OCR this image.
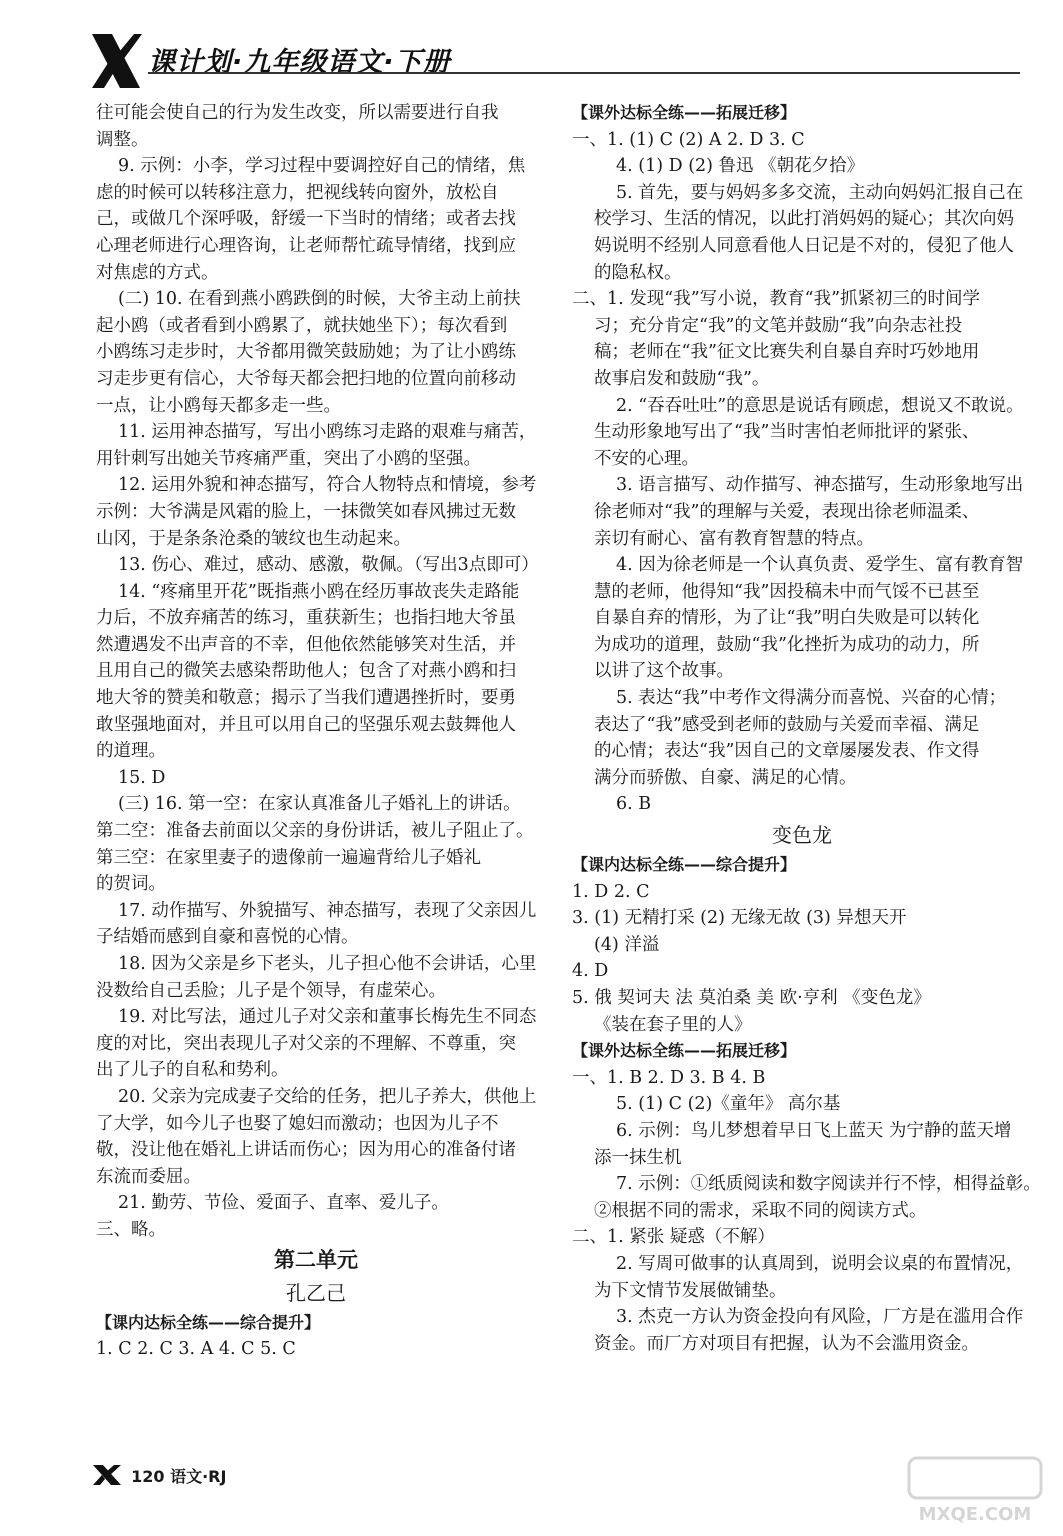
课计划·九年级语文·下册
往可能会使自己的行为发生改变，所以需要进行自我
调整。
9. 示例：小李，学习过程中要调控好自己的情绪，焦
虑的时候可以转移注意力，把视线转向窗外，放松自
己，或做几个深呼吸，舒缓一下当时的情绪；或者去找
心理老师进行心理咨询，让老师帮忙疏导情绪，找到应
对焦虑的方式。
(二) 10. 在看到燕小鸥跌倒的时候，大爷主动上前扶
起小鸥（或者看到小鸥累了，就扶她坐下）；每次看到
小鸥练习走步时，大爷都用微笑鼓励她；为了让小鸥练
习走步更有信心，大爷每天都会把扫地的位置向前移动
一点，让小鸥每天都多走一些。
11. 运用神态描写，写出小鸥练习走路的艰难与痛苦，
用针刺写出她关节疼痛严重，突出了小鸥的坚强。
12. 运用外貌和神态描写，符合人物特点和情境，参考
示例：大爷满是风霜的脸上，一抹微笑如春风拂过无数
山冈，于是条条沧桑的皱纹也生动起来。
13. 伤心、难过，感动、感激，敬佩。（写出3点即可）
14. “疼痛里开花”既指燕小鸥在经历事故丧失走路能
力后，不放弃痛苦的练习，重获新生；也指扫地大爷虽
然遭遇发不出声音的不幸，但他依然能够笑对生活，并
且用自己的微笑去感染帮助他人；包含了对燕小鸥和扫
地大爷的赞美和敬意；揭示了当我们遭遇挫折时，要勇
敢坚强地面对，并且可以用自己的坚强乐观去鼓舞他人
的道理。
15. D
(三) 16. 第一空：在家认真准备儿子婚礼上的讲话。
第二空：准备去前面以父亲的身份讲话，被儿子阻止了。
第三空：在家里妻子的遗像前一遍遍背给儿子婚礼
的贺词。
17. 动作描写、外貌描写、神态描写，表现了父亲因儿
子结婚而感到自豪和喜悦的心情。
18. 因为父亲是乡下老头，儿子担心他不会讲话，心里
没数给自己丢脸；儿子是个领导，有虚荣心。
19. 对比写法，通过儿子对父亲和董事长梅先生不同态
度的对比，突出表现儿子对父亲的不理解、不尊重，突
出了儿子的自私和势利。
20. 父亲为完成妻子交给的任务，把儿子养大，供他上
了大学，如今儿子也娶了媳妇而激动；也因为儿子不
敬，没让他在婚礼上讲话而伤心；因为用心的准备付诸
东流而委屈。
21. 勤劳、节俭、爱面子、直率、爱儿子。
三、略。
第二单元
孔乙己
【课内达标全练——综合提升】
1. C 2. C 3. A 4. C 5. C
【课外达标全练——拓展迁移】
一、1. (1) C (2) A 2. D 3. C
4. (1) D (2) 鲁迅 《朝花夕拾》
5. 首先，要与妈妈多多交流，主动向妈妈汇报自己在
校学习、生活的情况，以此打消妈妈的疑心；其次向妈
妈说明不经别人同意看他人日记是不对的，侵犯了他人
的隐私权。
二、1. 发现“我”写小说，教育“我”抓紧初三的时间学
习；充分肯定“我”的文笔并鼓励“我”向杂志社投
稿；老师在“我”征文比赛失利自暴自弃时巧妙地用
故事启发和鼓励“我”。
2. “吞吞吐吐”的意思是说话有顾虑，想说又不敢说。
生动形象地写出了“我”当时害怕老师批评的紧张、
不安的心理。
3. 语言描写、动作描写、神态描写，生动形象地写出
徐老师对“我”的理解与关爱，表现出徐老师温柔、
亲切有耐心、富有教育智慧的特点。
4. 因为徐老师是一个认真负责、爱学生、富有教育智
慧的老师，他得知“我”因投稿未中而气馁不已甚至
自暴自弃的情形，为了让“我”明白失败是可以转化
为成功的道理，鼓励“我”化挫折为成功的动力，所
以讲了这个故事。
5. 表达“我”中考作文得满分而喜悦、兴奋的心情；
表达了“我”感受到老师的鼓励与关爱而幸福、满足
的心情；表达“我”因自己的文章屡屡发表、作文得
满分而骄傲、自豪、满足的心情。
6. B
变色龙
【课内达标全练——综合提升】
1. D 2. C
3. (1) 无精打采 (2) 无缘无故 (3) 异想天开
(4) 洋溢
4. D
5. 俄 契诃夫 法 莫泊桑 美 欧·亨利 《变色龙》
《装在套子里的人》
【课外达标全练——拓展迁移】
一、1. B 2. D 3. B 4. B
5. (1) C (2)《童年》 高尔基
6. 示例：鸟儿梦想着早日飞上蓝天 为宁静的蓝天增
添一抹生机
7. 示例：①纸质阅读和数字阅读并行不悖，相得益彰。
②根据不同的需求，采取不同的阅读方式。
二、1. 紧张 疑惑（不解）
2. 写周可做事的认真周到，说明会议桌的布置情况，
为下文情节发展做铺垫。
3. 杰克一方认为资金投向有风险，厂方是在滥用合作
资金。而厂方对项目有把握，认为不会滥用资金。
120 语文·RJ
MXQE.COM
